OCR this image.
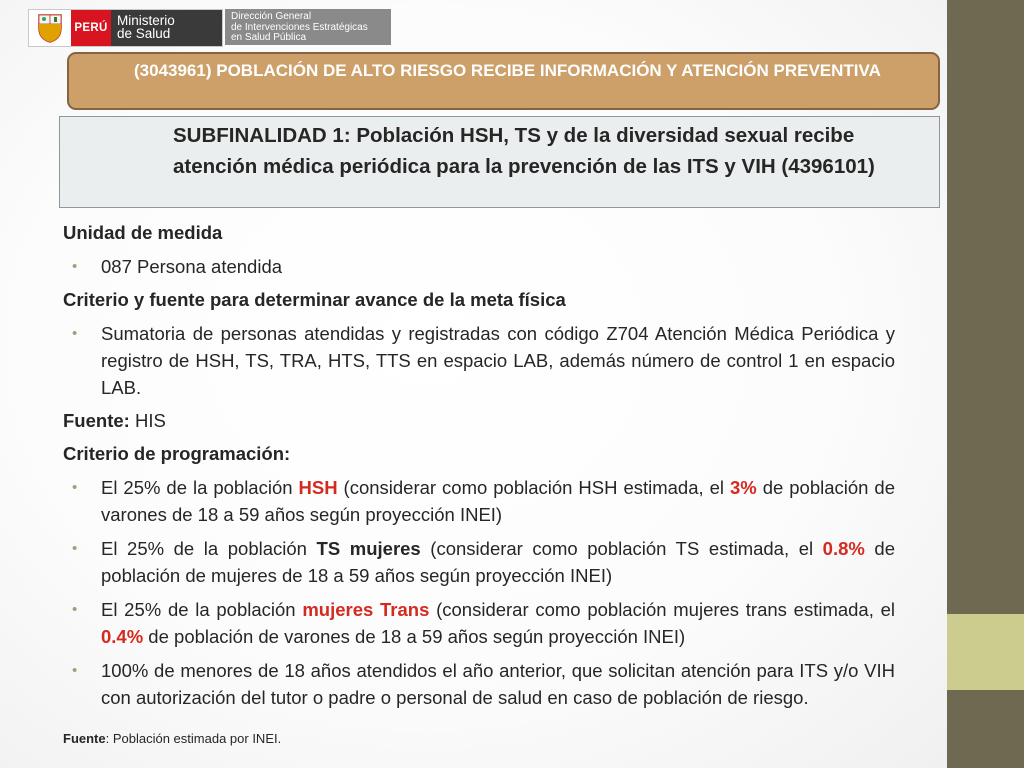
PERÚ Ministerio
de Salud
Dirección General
de Intervenciones Estratégicas
en Salud Pública
(3043961) POBLACIÓN DE ALTO RIESGO RECIBE INFORMACIÓN Y ATENCIÓN PREVENTIVA
SUBFINALIDAD 1: Población HSH, TS y de la diversidad sexual recibe atención médica periódica para la prevención de las ITS y VIH (4396101)
Unidad de medida
• 087 Persona atendida
Criterio y fuente para determinar avance de la meta física
• Sumatoria de personas atendidas y registradas con código Z704 Atención Médica Periódica y registro de HSH, TS, TRA, HTS, TTS en espacio LAB, además número de control 1 en espacio LAB.
Fuente: HIS
Criterio de programación:
• El 25% de la población HSH (considerar como población HSH estimada, el 3% de población de varones de 18 a 59 años según proyección INEI)
• El 25% de la población TS mujeres (considerar como población TS estimada, el 0.8% de población de mujeres de 18 a 59 años según proyección INEI)
• El 25% de la población mujeres Trans (considerar como población mujeres trans estimada, el 0.4% de población de varones de 18 a 59 años según proyección INEI)
• 100% de menores de 18 años atendidos el año anterior, que solicitan atención para ITS y/o VIH con autorización del tutor o padre o personal de salud en caso de población de riesgo.
Fuente: Población estimada por INEI.
